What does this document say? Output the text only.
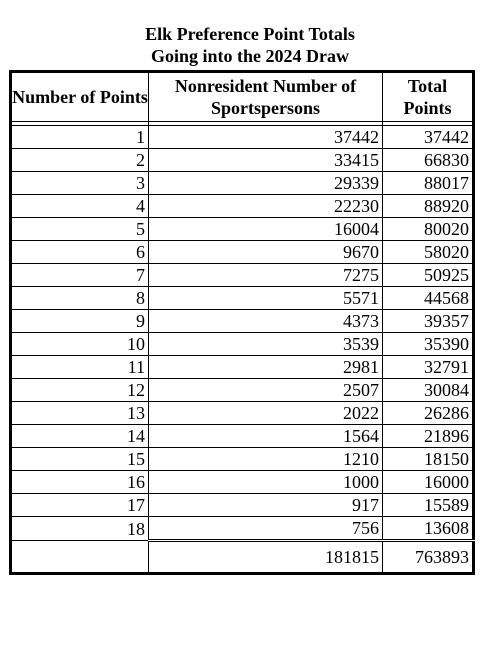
Elk Preference Point Totals
Going into the 2024 Draw
Number of Points	Nonresident Number of Sportspersons	Total Points

1	37442	37442
2	33415	66830
3	29339	88017
4	22230	88920
5	16004	80020
6	9670	58020
7	7275	50925
8	5571	44568
9	4373	39357
10	3539	35390
11	2981	32791
12	2507	30084
13	2022	26286
14	1564	21896
15	1210	18150
16	1000	16000
17	917	15589
18	756	13608
	181815	763893
